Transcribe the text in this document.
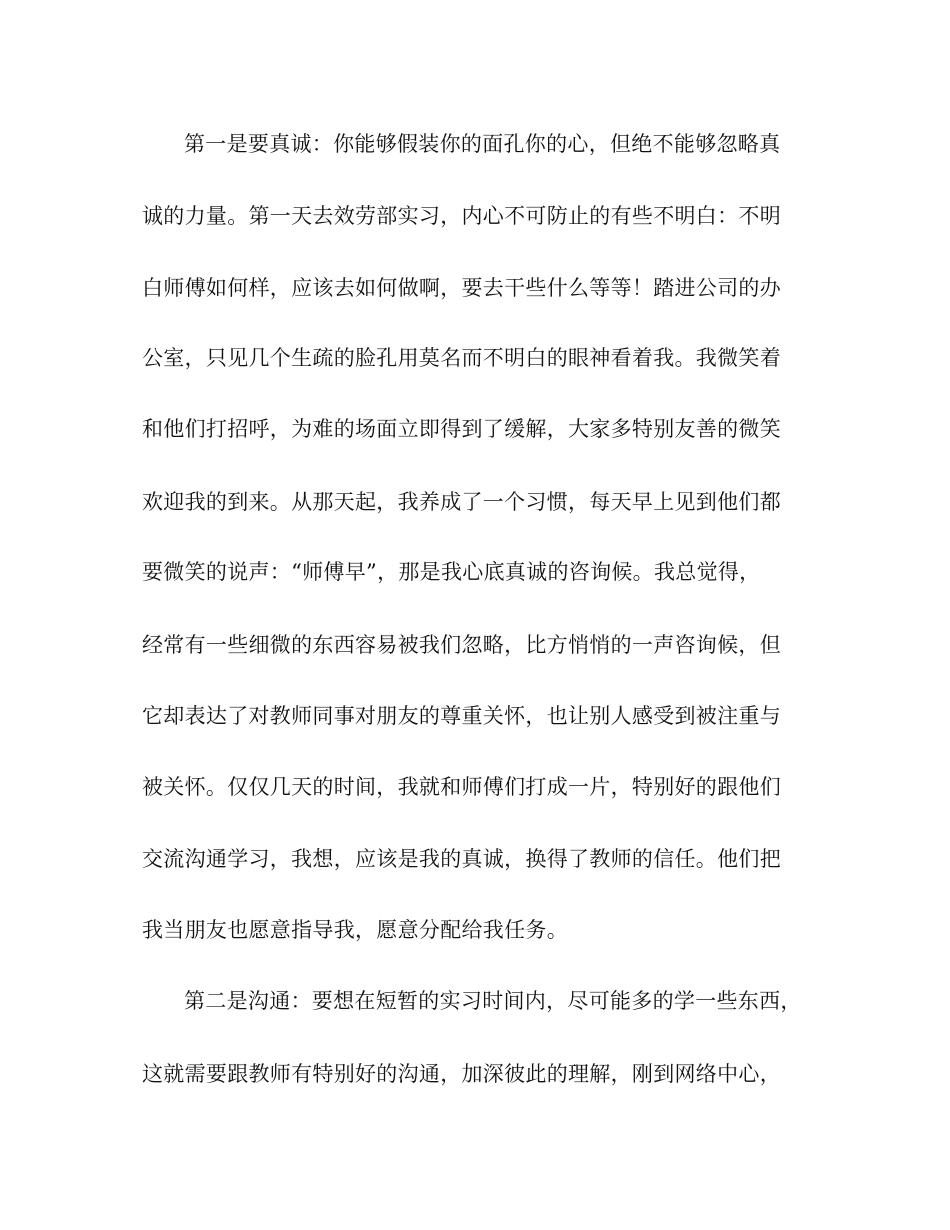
第一是要真诚：你能够假装你的面孔你的心，但绝不能够忽略真
诚的力量。第一天去效劳部实习，内心不可防止的有些不明白：不明
白师傅如何样，应该去如何做啊，要去干些什么等等！踏进公司的办
公室，只见几个生疏的脸孔用莫名而不明白的眼神看着我。我微笑着
和他们打招呼，为难的场面立即得到了缓解，大家多特别友善的微笑
欢迎我的到来。从那天起，我养成了一个习惯，每天早上见到他们都
要微笑的说声：“师傅早”，那是我心底真诚的咨询候。我总觉得，
经常有一些细微的东西容易被我们忽略，比方悄悄的一声咨询候，但
它却表达了对教师同事对朋友的尊重关怀，也让别人感受到被注重与
被关怀。仅仅几天的时间，我就和师傅们打成一片，特别好的跟他们
交流沟通学习，我想，应该是我的真诚，换得了教师的信任。他们把
我当朋友也愿意指导我，愿意分配给我任务。
第二是沟通：要想在短暂的实习时间内，尽可能多的学一些东西，
这就需要跟教师有特别好的沟通，加深彼此的理解，刚到网络中心，
